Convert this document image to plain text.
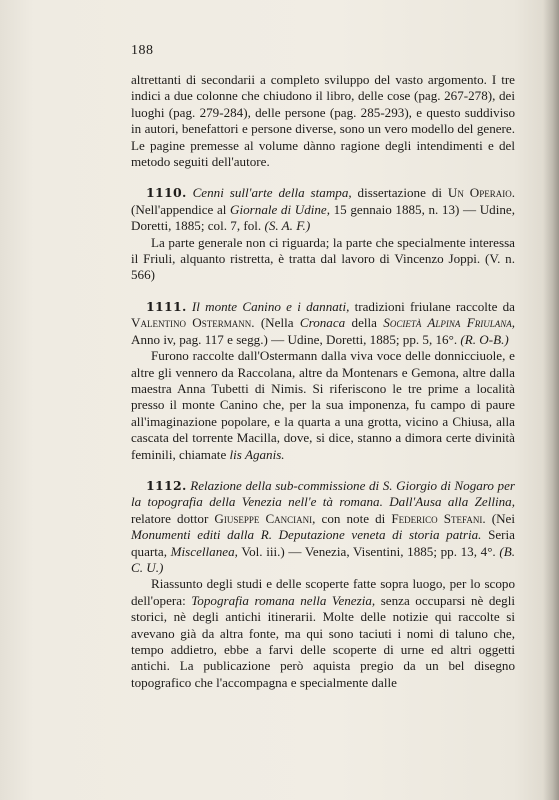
188

altrettanti di secondarii a completo sviluppo del vasto argomento. I tre indici a due colonne che chiudono il libro, delle cose (pag. 267-278), dei luoghi (pag. 279-284), delle persone (pag. 285-293), e questo suddiviso in autori, benefattori e persone diverse, sono un vero modello del genere. Le pagine premesse al volume dànno ragione degli intendimenti e del metodo seguiti dell'autore.

1110. Cenni sull'arte della stampa, dissertazione di Un Operaio. (Nell'appendice al Giornale di Udine, 15 gennaio 1885, n. 13) — Udine, Doretti, 1885; col. 7, fol. (S. A. F.)

La parte generale non ci riguarda; la parte che specialmente interessa il Friuli, alquanto ristretta, è tratta dal lavoro di Vincenzo Joppi. (V. n. 566)

1111. Il monte Canino e i dannati, tradizioni friulane raccolte da Valentino Ostermann. (Nella Cronaca della Società Alpina Friulana, Anno iv, pag. 117 e segg.) — Udine, Doretti, 1885; pp. 5, 16°. (R. O-B.)

Furono raccolte dall'Ostermann dalla viva voce delle donnicciuole, e altre gli vennero da Raccolana, altre da Montenars e Gemona, altre dalla maestra Anna Tubetti di Nimis. Si riferiscono le tre prime a località presso il monte Canino che, per la sua imponenza, fu campo di paure all'imaginazione popolare, e la quarta a una grotta, vicino a Chiusa, alla cascata del torrente Macilla, dove, si dice, stanno a dimora certe divinità feminili, chiamate lis Aganis.

1112. Relazione della sub-commissione di S. Giorgio di Nogaro per la topografia della Venezia nell'e tà romana. Dall'Ausa alla Zellina, relatore dottor Giuseppe Canciani, con note di Federico Stefani. (Nei Monumenti editi dalla R. Deputazione veneta di storia patria. Seria quarta, Miscellanea, Vol. iii.) — Venezia, Visentini, 1885; pp. 13, 4°. (B. C. U.)

Riassunto degli studi e delle scoperte fatte sopra luogo, per lo scopo dell'opera: Topografia romana nella Venezia, senza occuparsi nè degli storici, nè degli antichi itinerarii. Molte delle notizie qui raccolte si avevano già da altra fonte, ma qui sono taciuti i nomi di taluno che, tempo addietro, ebbe a farvi delle scoperte di urne ed altri oggetti antichi. La publicazione però aquista pregio da un bel disegno topografico che l'accompagna e specialmente dalle
